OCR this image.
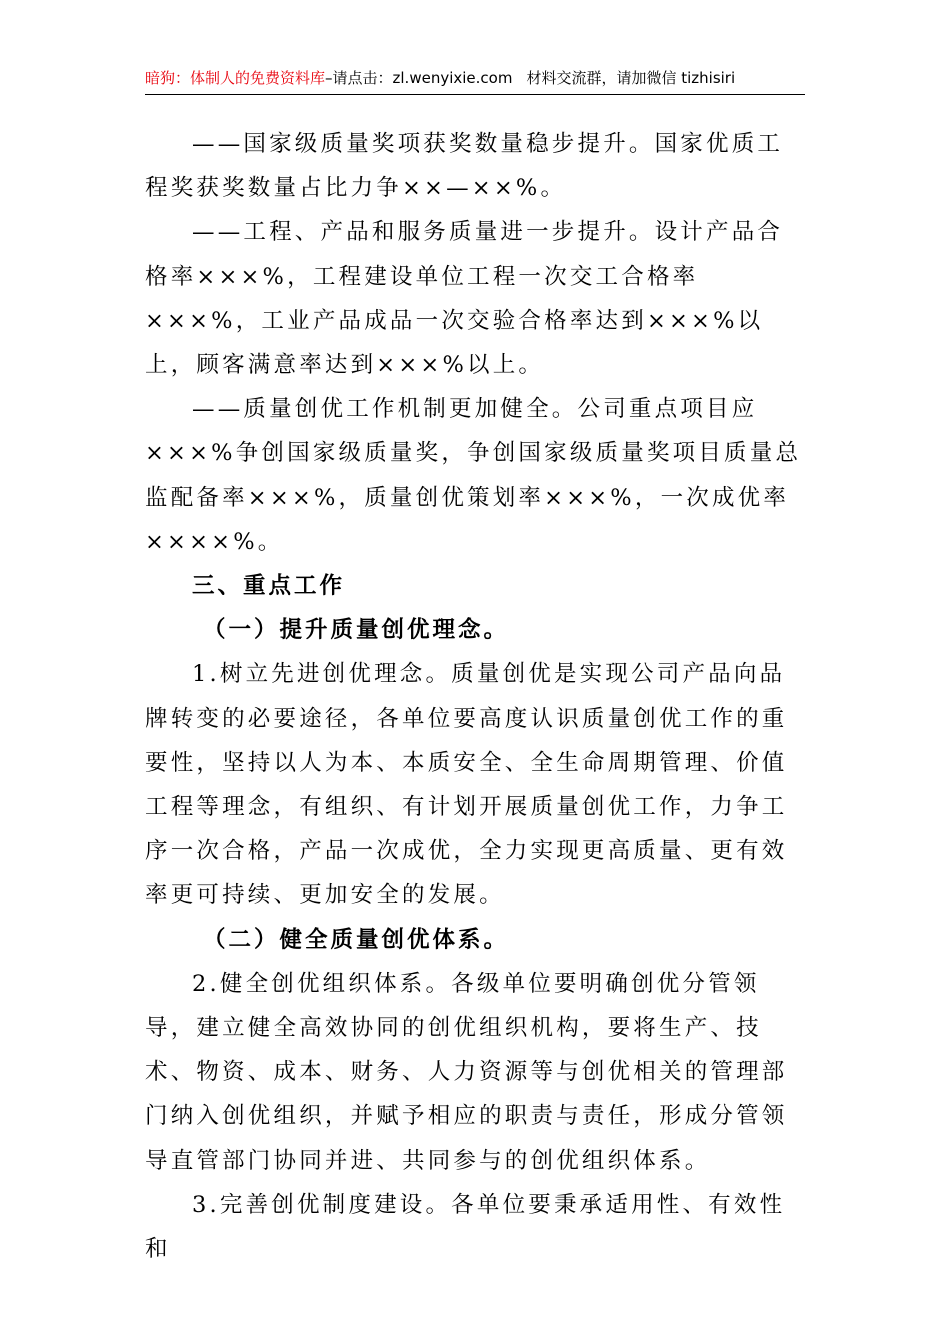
暗狗：体制人的免费资料库–请点击：zl.wenyixie.com 材料交流群，请加微信 tizhisiri

——国家级质量奖项获奖数量稳步提升。国家优质工程奖获奖数量占比力争××—××%。

——工程、产品和服务质量进一步提升。设计产品合格率×××%，工程建设单位工程一次交工合格率×××%，工业产品成品一次交验合格率达到×××%以上，顾客满意率达到×××%以上。

——质量创优工作机制更加健全。公司重点项目应×××%争创国家级质量奖，争创国家级质量奖项目质量总监配备率×××%，质量创优策划率×××%，一次成优率××××%。

三、重点工作

（一）提升质量创优理念。

1.树立先进创优理念。质量创优是实现公司产品向品牌转变的必要途径，各单位要高度认识质量创优工作的重要性，坚持以人为本、本质安全、全生命周期管理、价值工程等理念，有组织、有计划开展质量创优工作，力争工序一次合格，产品一次成优，全力实现更高质量、更有效率更可持续、更加安全的发展。

（二）健全质量创优体系。

2.健全创优组织体系。各级单位要明确创优分管领导，建立健全高效协同的创优组织机构，要将生产、技术、物资、成本、财务、人力资源等与创优相关的管理部门纳入创优组织，并赋予相应的职责与责任，形成分管领导直管部门协同并进、共同参与的创优组织体系。

3.完善创优制度建设。各单位要秉承适用性、有效性和
